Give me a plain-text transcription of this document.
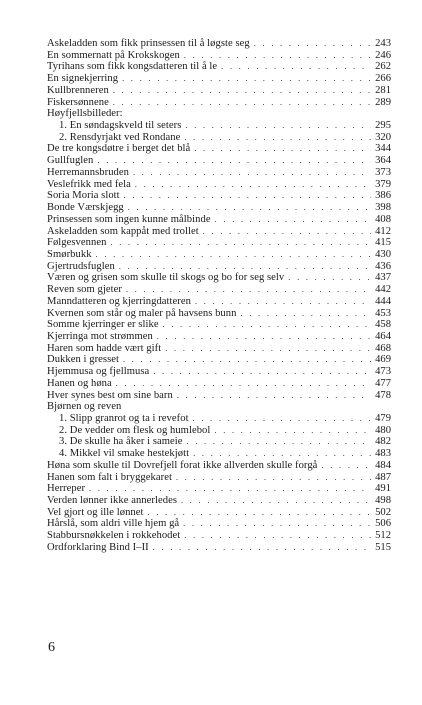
Askeladden som fikk prinsessen til å løgste seg . . .	243
En sommernatt på Krokskogen . . .	246
Tyrihans som fikk kongsdatteren til å le . . .	262
En signekjerring . . .	266
Kullbrenneren . . .	281
Fiskersønnene . . .	289
Høyfjellsbilleder:
1. En søndagskveld til seters . . .	295
2. Rensdyrjakt ved Rondane . . .	320
De tre kongsdøtre i berget det blå . . .	344
Gullfuglen . . .	364
Herremannsbruden . . .	373
Veslefrikk med fela . . .	379
Soria Moria slott . . .	386
Bonde Værskjegg . . .	398
Prinsessen som ingen kunne målbinde . . .	408
Askeladden som kappåt med trollet . . .	412
Følgesvennen . . .	415
Smørbukk . . .	430
Gjertrudsfuglen . . .	436
Væren og grisen som skulle til skogs og bo for seg selv . . .	437
Reven som gjeter . . .	442
Manndatteren og kjerringdatteren . . .	444
Kvernen som står og maler på havsens bunn . . .	453
Somme kjerringer er slike . . .	458
Kjerringa mot strømmen . . .	464
Haren som hadde vært gift . . .	468
Dukken i gresset . . .	469
Hjemmusa og fjellmusa . . .	473
Hanen og høna . . .	477
Hver synes best om sine barn . . .	478
Bjørnen og reven
1. Slipp granrot og ta i revefot . . .	479
2. De vedder om flesk og humlebol . . .	480
3. De skulle ha åker i sameie . . .	482
4. Mikkel vil smake hestekjøtt . . .	483
Høna som skulle til Dovrefjell forat ikke allverden skulle forgå . . .	484
Hanen som falt i bryggekaret . . .	487
Herreper . . .	491
Verden lønner ikke annerledes . . .	498
Vel gjort og ille lønnet . . .	502
Hårslå, som aldri ville hjem gå . . .	506
Stabbursnøkkelen i rokkehodet . . .	512
Ordforklaring Bind I–II . . .	515
6
